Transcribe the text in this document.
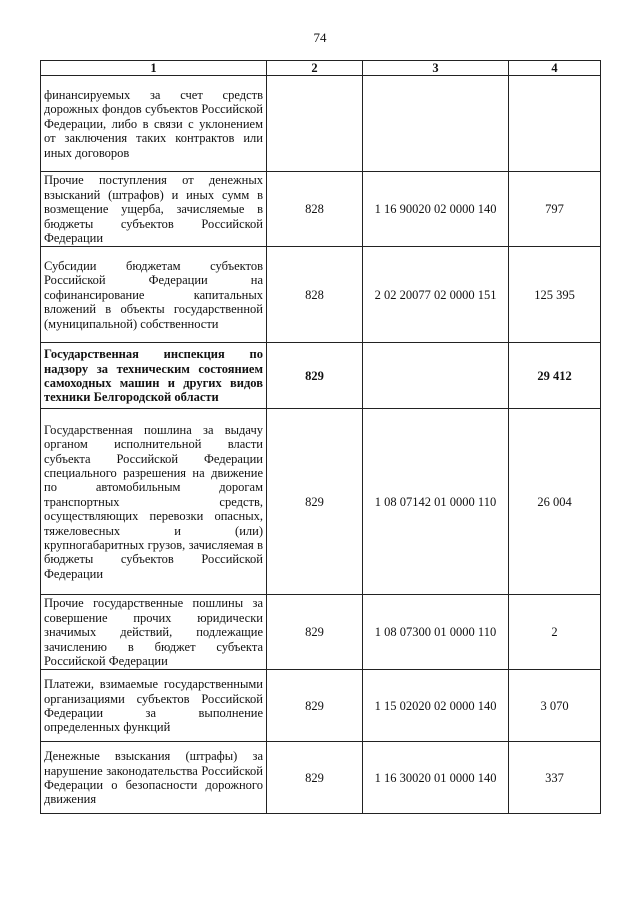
74
1	2	3	4
финансируемых за счет средств дорожных фондов субъектов Российской Федерации, либо в связи с уклонением от заключения таких контрактов или иных договоров			
Прочие поступления от денежных взысканий (штрафов) и иных сумм в возмещение ущерба, зачисляемые в бюджеты субъектов Российской Федерации	828	1 16 90020 02 0000 140	797
Субсидии бюджетам субъектов Российской Федерации на софинансирование капитальных вложений в объекты государственной (муниципальной) собственности	828	2 02 20077 02 0000 151	125 395
Государственная инспекция по надзору за техническим состоянием самоходных машин и других видов техники Белгородской области	829		29 412
Государственная пошлина за выдачу органом исполнительной власти субъекта Российской Федерации специального разрешения на движение по автомобильным дорогам транспортных средств, осуществляющих перевозки опасных, тяжеловесных и (или) крупногабаритных грузов, зачисляемая в бюджеты субъектов Российской Федерации	829	1 08 07142 01 0000 110	26 004
Прочие государственные пошлины за совершение прочих юридически значимых действий, подлежащие зачислению в бюджет субъекта Российской Федерации	829	1 08 07300 01 0000 110	2
Платежи, взимаемые государственными организациями субъектов Российской Федерации за выполнение определенных функций	829	1 15 02020 02 0000 140	3 070
Денежные взыскания (штрафы) за нарушение законодательства Российской Федерации о безопасности дорожного движения	829	1 16 30020 01 0000 140	337
